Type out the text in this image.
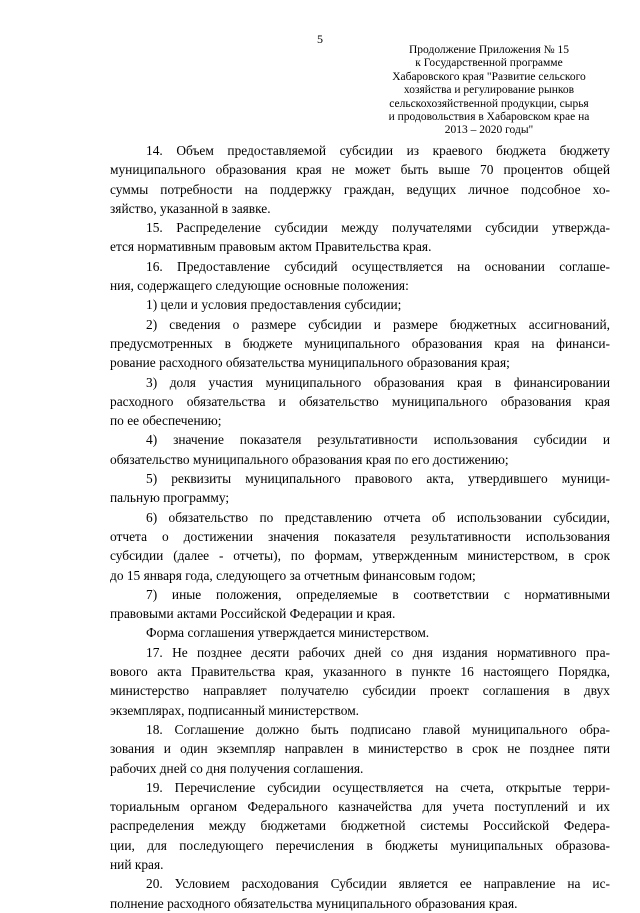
5
Продолжение Приложения № 15
к Государственной программе
Хабаровского края "Развитие сельского
хозяйства и регулирование рынков
сельскохозяйственной продукции, сырья
и продовольствия в Хабаровском крае на
2013 – 2020 годы"
14. Объем предоставляемой субсидии из краевого бюджета бюджету
муниципального образования края не может быть выше 70 процентов общей
суммы потребности на поддержку граждан, ведущих личное подсобное хо-
зяйство, указанной в заявке.
15. Распределение субсидии между получателями субсидии утвержда-
ется нормативным правовым актом Правительства края.
16. Предоставление субсидий осуществляется на основании соглаше-
ния, содержащего следующие основные положения:
1) цели и условия предоставления субсидии;
2) сведения о размере субсидии и размере бюджетных ассигнований,
предусмотренных в бюджете муниципального образования края на финанси-
рование расходного обязательства муниципального образования края;
3) доля участия муниципального образования края в финансировании
расходного обязательства и обязательство муниципального образования края
по ее обеспечению;
4) значение показателя результативности использования субсидии и
обязательство муниципального образования края по его достижению;
5) реквизиты муниципального правового акта, утвердившего муници-
пальную программу;
6) обязательство по представлению отчета об использовании субсидии,
отчета о достижении значения показателя результативности использования
субсидии (далее - отчеты), по формам, утвержденным министерством, в срок
до 15 января года, следующего за отчетным финансовым годом;
7) иные положения, определяемые в соответствии с нормативными
правовыми актами Российской Федерации и края.
Форма соглашения утверждается министерством.
17. Не позднее десяти рабочих дней со дня издания нормативного пра-
вового акта Правительства края, указанного в пункте 16 настоящего Порядка,
министерство направляет получателю субсидии проект соглашения в двух
экземплярах, подписанный министерством.
18. Соглашение должно быть подписано главой муниципального обра-
зования и один экземпляр направлен в министерство в срок не позднее пяти
рабочих дней со дня получения соглашения.
19. Перечисление субсидии осуществляется на счета, открытые терри-
ториальным органом Федерального казначейства для учета поступлений и их
распределения между бюджетами бюджетной системы Российской Федера-
ции, для последующего перечисления в бюджеты муниципальных образова-
ний края.
20. Условием расходования Субсидии является ее направление на ис-
полнение расходного обязательства муниципального образования края.
